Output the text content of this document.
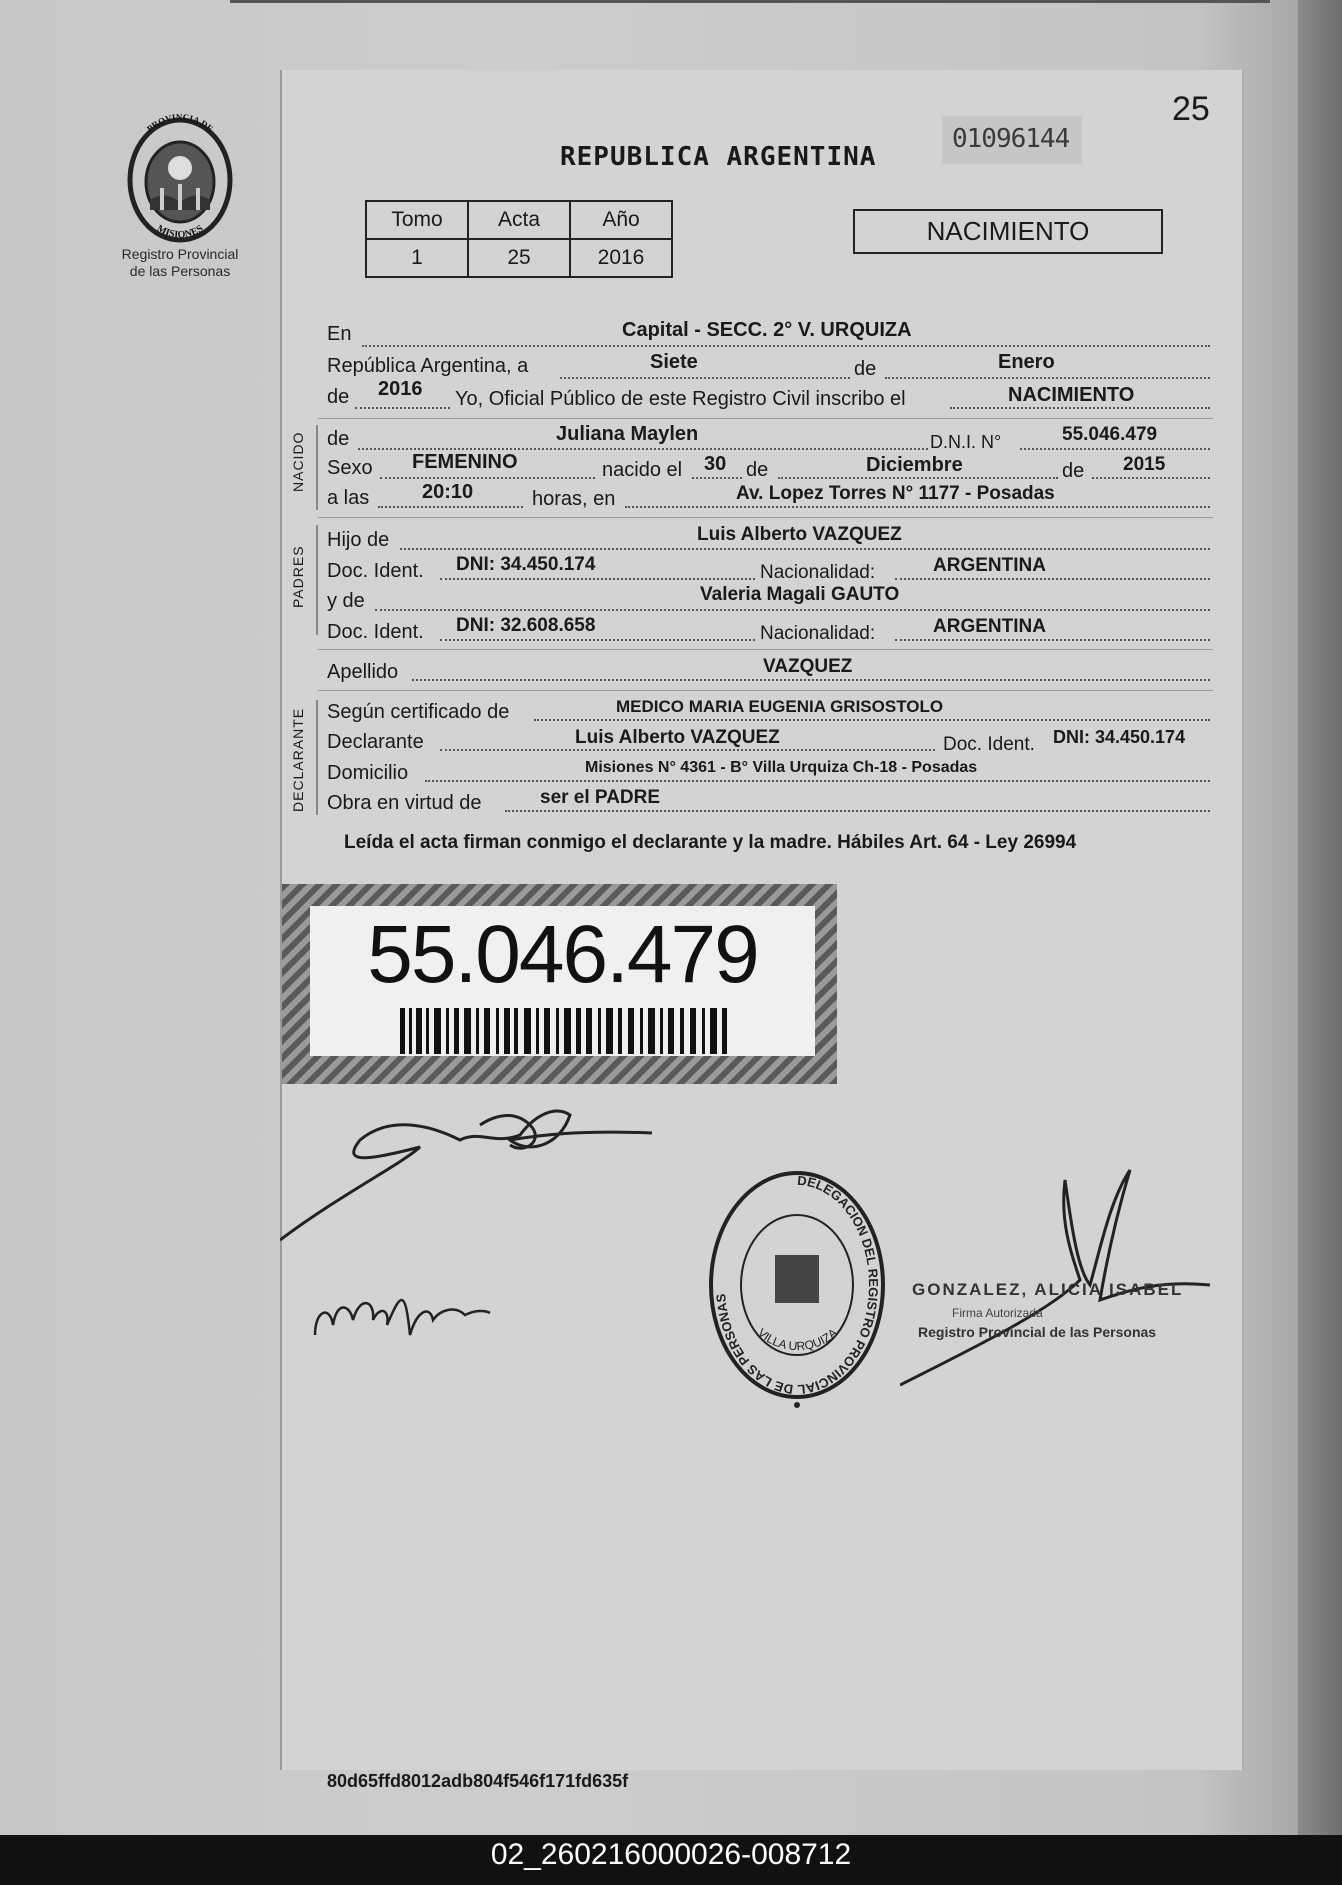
25
PROVINCIA DE
MISIONES
Registro Provincial
de las Personas
REPUBLICA ARGENTINA
01096144
Tomo	Acta	Año
1	25	2016
NACIMIENTO
En	Capital - SECC. 2° V. URQUIZA
República Argentina, a	Siete	de	Enero
de 2016 Yo, Oficial Público de este Registro Civil inscribo el	NACIMIENTO
NACIDO de	Juliana Maylen	D.N.I. N°	55.046.479
Sexo FEMENINO	nacido el 30 de	Diciembre	de 2015
a las	20:10	horas, en	Av. Lopez Torres N° 1177 - Posadas
PADRES
Hijo de	Luis Alberto VAZQUEZ
Doc. Ident. DNI: 34.450.174	Nacionalidad:	ARGENTINA
y de	Valeria Magali GAUTO
Doc. Ident. DNI: 32.608.658	Nacionalidad:	ARGENTINA
Apellido	VAZQUEZ
DECLARANTE Según certificado de	MEDICO MARIA EUGENIA GRISOSTOLO
Declarante	Luis Alberto VAZQUEZ	Doc. Ident. DNI: 34.450.174
Domicilio	Misiones N° 4361 - B° Villa Urquiza Ch-18 - Posadas
Obra en virtud de	ser el PADRE
Leída el acta firman conmigo el declarante y la madre. Hábiles Art. 64 - Ley 26994
55.046.479
DELEGACION DEL REGISTRO PROVINCIAL DE LAS PERSONAS
VILLA URQUIZA
GONZALEZ, ALICIA ISABEL
Firma Autorizada
Registro Provincial de las Personas
80d65ffd8012adb804f546f171fd635f
02_260216000026-008712
